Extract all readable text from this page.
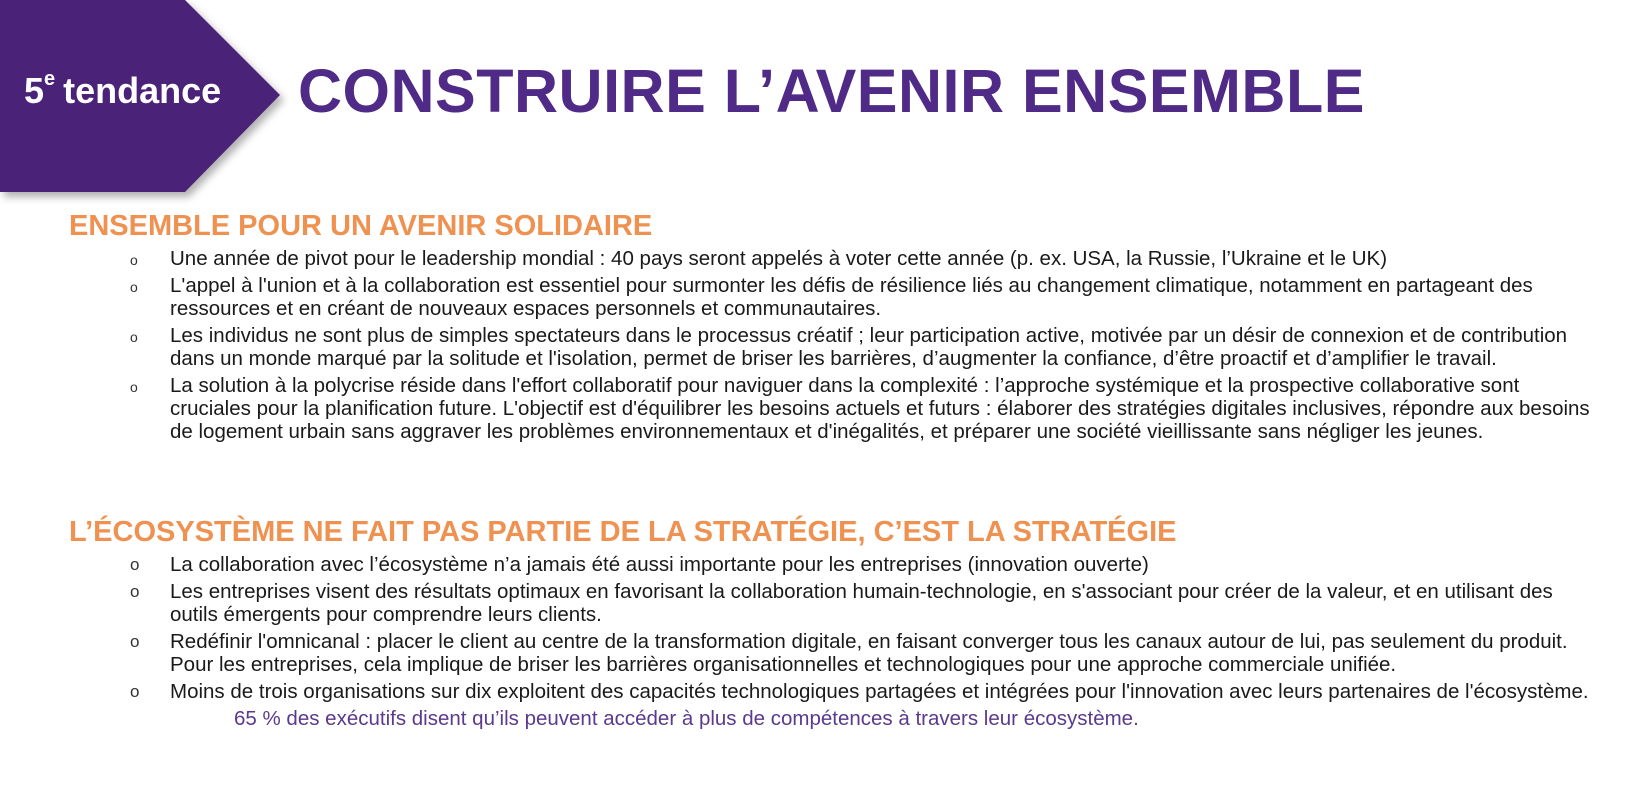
5e tendance CONSTRUIRE L’AVENIR ENSEMBLE
ENSEMBLE POUR UN AVENIR SOLIDAIRE
o Une année de pivot pour le leadership mondial : 40 pays seront appelés à voter cette année (p. ex. USA, la Russie, l’Ukraine et le UK)
o L'appel à l'union et à la collaboration est essentiel pour surmonter les défis de résilience liés au changement climatique, notamment en partageant des ressources et en créant de nouveaux espaces personnels et communautaires.
o Les individus ne sont plus de simples spectateurs dans le processus créatif ; leur participation active, motivée par un désir de connexion et de contribution dans un monde marqué par la solitude et l'isolation, permet de briser les barrières, d’augmenter la confiance, d’être proactif et d’amplifier le travail.
o La solution à la polycrise réside dans l'effort collaboratif pour naviguer dans la complexité : l’approche systémique et la prospective collaborative sont cruciales pour la planification future. L'objectif est d'équilibrer les besoins actuels et futurs : élaborer des stratégies digitales inclusives, répondre aux besoins de logement urbain sans aggraver les problèmes environnementaux et d'inégalités, et préparer une société vieillissante sans négliger les jeunes.
L’ÉCOSYSTÈME NE FAIT PAS PARTIE DE LA STRATÉGIE, C’EST LA STRATÉGIE
o La collaboration avec l’écosystème n’a jamais été aussi importante pour les entreprises (innovation ouverte)
o Les entreprises visent des résultats optimaux en favorisant la collaboration humain-technologie, en s'associant pour créer de la valeur, et en utilisant des outils émergents pour comprendre leurs clients.
o Redéfinir l'omnicanal : placer le client au centre de la transformation digitale, en faisant converger tous les canaux autour de lui, pas seulement du produit. Pour les entreprises, cela implique de briser les barrières organisationnelles et technologiques pour une approche commerciale unifiée.
o Moins de trois organisations sur dix exploitent des capacités technologiques partagées et intégrées pour l'innovation avec leurs partenaires de l'écosystème.

65 % des exécutifs disent qu’ils peuvent accéder à plus de compétences à travers leur écosystème.
